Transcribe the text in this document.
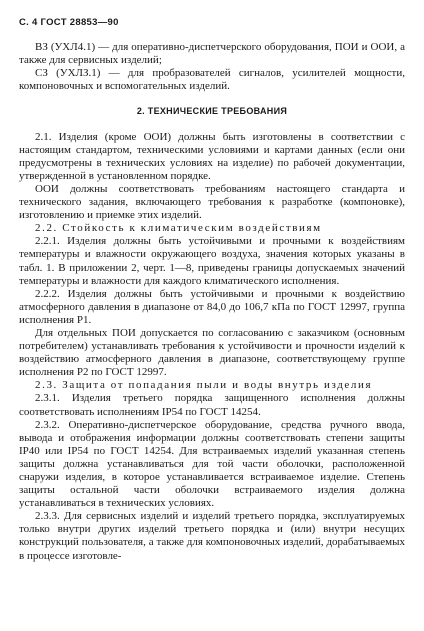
С. 4 ГОСТ 28853—90

ВЗ (УХЛ4.1) — для оперативно-диспетчерского оборудования, ПОИ и ООИ, а также для сервисных изделий;

СЗ (УХЛЗ.1) — для пробразователей сигналов, усилителей мощности, компоновочных и вспомогательных изделий.

2. ТЕХНИЧЕСКИЕ ТРЕБОВАНИЯ

2.1. Изделия (кроме ООИ) должны быть изготовлены в соответствии с настоящим стандартом, техническими условиями и картами данных (если они предусмотрены в технических условиях на изделие) по рабочей документации, утвержденной в установленном порядке.

ООИ должны соответствовать требованиям настоящего стандарта и технического задания, включающего требования к разработке (компоновке), изготовлению и приемке этих изделий.

2.2. Стойкость к климатическим воздействиям

2.2.1. Изделия должны быть устойчивыми и прочными к воздействиям температуры и влажности окружающего воздуха, значения которых указаны в табл. 1. В приложении 2, черт. 1—8, приведены границы допускаемых значений температуры и влажности для каждого климатического исполнения.

2.2.2. Изделия должны быть устойчивыми и прочными к воздействию атмосферного давления в диапазоне от 84,0 до 106,7 кПа по ГОСТ 12997, группа исполнения Р1.

Для отдельных ПОИ допускается по согласованию с заказчиком (основным потребителем) устанавливать требования к устойчивости и прочности изделий к воздействию атмосферного давления в диапазоне, соответствующему группе исполнения Р2 по ГОСТ 12997.

2.3. Защита от попадания пыли и воды внутрь изделия

2.3.1. Изделия третьего порядка защищенного исполнения должны соответствовать исполнениям IP54 по ГОСТ 14254.

2.3.2. Оперативно-диспетчерское оборудование, средства ручного ввода, вывода и отображения информации должны соответствовать степени защиты IP40 или IP54 по ГОСТ 14254. Для встраиваемых изделий указанная степень защиты должна устанавливаться для той части оболочки, расположенной снаружи изделия, в которое устанавливается встраиваемое изделие. Степень защиты остальной части оболочки встраиваемого изделия должна устанавливаться в технических условиях.

2.3.3. Для сервисных изделий и изделий третьего порядка, эксплуатируемых только внутри других изделий третьего порядка и (или) внутри несущих конструкций пользователя, а также для компоновочных изделий, дорабатываемых в процессе изготовле-
